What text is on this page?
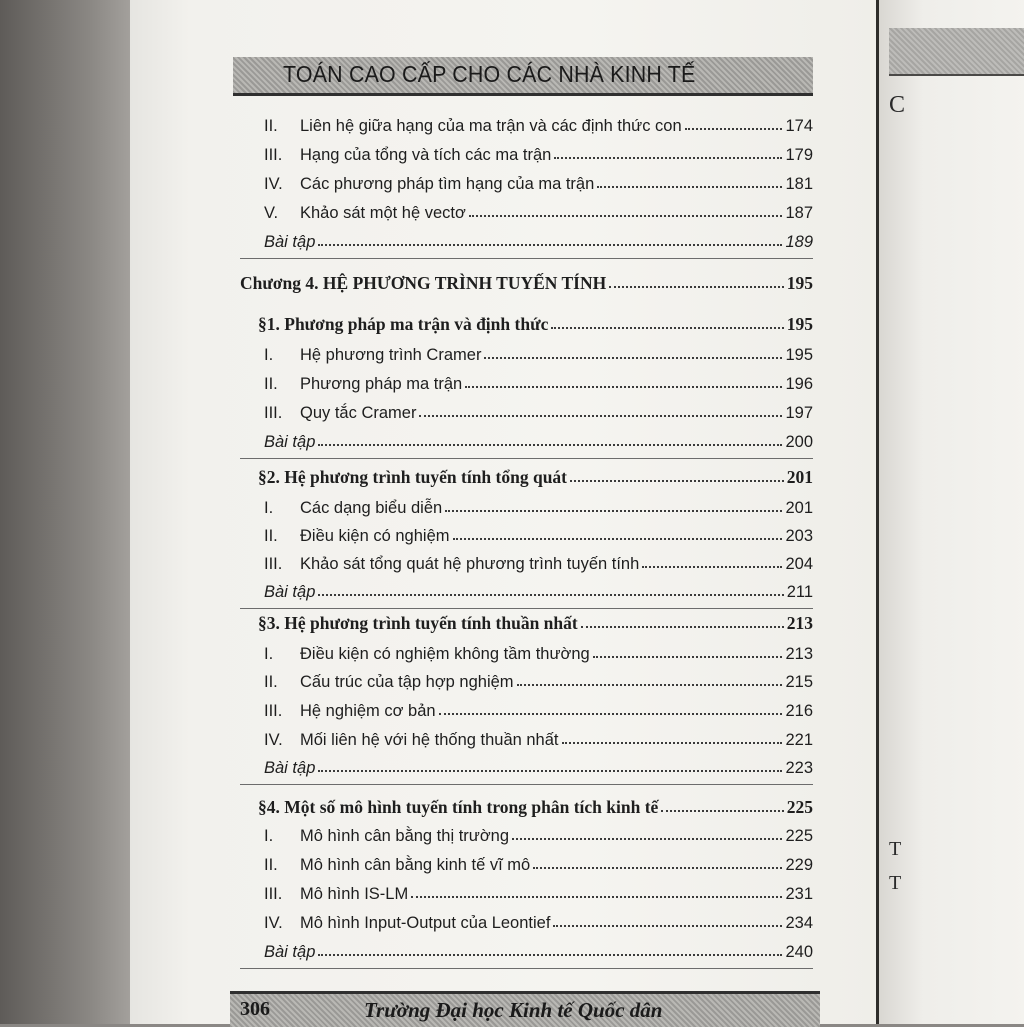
C
T
T
TOÁN CAO CẤP CHO CÁC NHÀ KINH TẾ
II.	Liên hệ giữa hạng của ma trận và các định thức con	174
III.	Hạng của tổng và tích các ma trận	179
IV.	Các phương pháp tìm hạng của ma trận	181
V.	Khảo sát một hệ vectơ	187
Bài tập	189
Chương 4. HỆ PHƯƠNG TRÌNH TUYẾN TÍNH	195
§1. Phương pháp ma trận và định thức	195
I.	Hệ phương trình Cramer	195
II.	Phương pháp ma trận	196
III.	Quy tắc Cramer	197
Bài tập	200
§2. Hệ phương trình tuyến tính tổng quát	201
I.	Các dạng biểu diễn	201
II.	Điều kiện có nghiệm	203
III.	Khảo sát tổng quát hệ phương trình tuyến tính	204
Bài tập	211
§3. Hệ phương trình tuyến tính thuần nhất	213
I.	Điều kiện có nghiệm không tầm thường	213
II.	Cấu trúc của tập hợp nghiệm	215
III.	Hệ nghiệm cơ bản	216
IV.	Mối liên hệ với hệ thống thuần nhất	221
Bài tập	223
§4. Một số mô hình tuyến tính trong phân tích kinh tế	225
I.	Mô hình cân bằng thị trường	225
II.	Mô hình cân bằng kinh tế vĩ mô	229
III.	Mô hình IS-LM	231
IV.	Mô hình Input-Output của Leontief	234
Bài tập	240
306	Trường Đại học Kinh tế Quốc dân
